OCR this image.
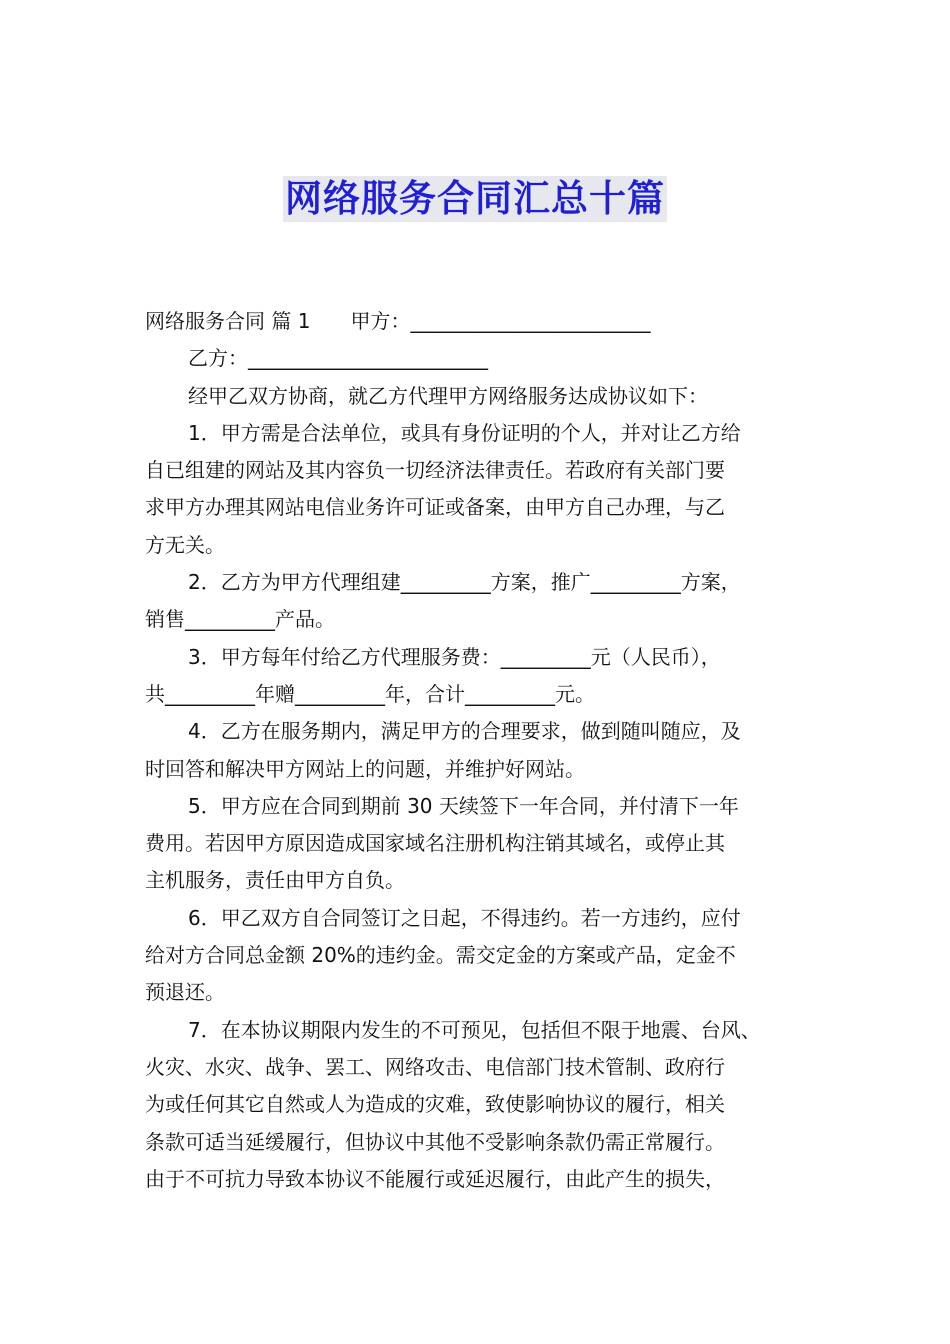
网络服务合同汇总十篇
网络服务合同 篇 1 甲方：________________________
乙方：________________________
经甲乙双方协商，就乙方代理甲方网络服务达成协议如下：
1．甲方需是合法单位，或具有身份证明的个人，并对让乙方给
自已组建的网站及其内容负一切经济法律责任。若政府有关部门要
求甲方办理其网站电信业务许可证或备案，由甲方自己办理，与乙
方无关。
2．乙方为甲方代理组建_________方案，推广_________方案，
销售_________产品。
3．甲方每年付给乙方代理服务费：_________元（人民币），
共_________年赠_________年，合计_________元。
4．乙方在服务期内，满足甲方的合理要求，做到随叫随应，及
时回答和解决甲方网站上的问题，并维护好网站。
5．甲方应在合同到期前 30 天续签下一年合同，并付清下一年
费用。若因甲方原因造成国家域名注册机构注销其域名，或停止其
主机服务，责任由甲方自负。
6．甲乙双方自合同签订之日起，不得违约。若一方违约，应付
给对方合同总金额 20%的违约金。需交定金的方案或产品，定金不
预退还。
7．在本协议期限内发生的不可预见，包括但不限于地震、台风、
火灾、水灾、战争、罢工、网络攻击、电信部门技术管制、政府行
为或任何其它自然或人为造成的灾难，致使影响协议的履行，相关
条款可适当延缓履行，但协议中其他不受影响条款仍需正常履行。
由于不可抗力导致本协议不能履行或延迟履行，由此产生的损失，
